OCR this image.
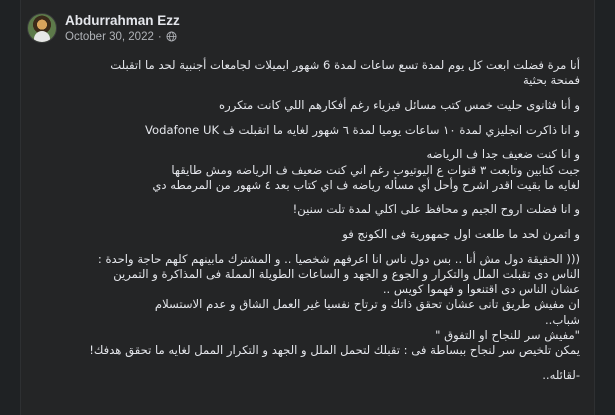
Abdurrahman Ezz
October 30, 2022 ·
أنا مرة فضلت ابعت كل يوم لمدة تسع ساعات لمدة 6 شهور ايميلات لجامعات أجنبية لحد ما اتقبلت
فمنحة بحثية
و أنا فثانوى حليت خمس كتب مسائل فيزياء رغم أفكارهم اللي كانت متكرره
و انا ذاكرت انجليزي لمدة ١٠ ساعات يوميا لمدة ٦ شهور لغايه ما اتقبلت ف Vodafone UK
و انا كنت ضعيف جدا ف الرياضه
جبت كتابين وتابعت ٣ قنوات ع اليوتيوب رغم اني كنت ضعيف ف الرياضه ومش طايقها
لغايه ما بقيت اقدر اشرح وأحل أي مسأله رياضه ف اي كتاب بعد ٤ شهور من المرمطه دي
و انا فضلت اروح الجيم و محافظ على اكلي لمدة تلت سنين!
و اتمرن لحد ما طلعت اول جمهورية فى الكونج فو
((( الحقيقة دول مش أنا .. بس دول ناس انا اعرفهم شخصيا .. و المشترك مابينهم كلهم حاجة واحدة :
الناس دى تقبلت الملل والتكرار و الجوع و الجهد و الساعات الطويلة المملة فى المذاكرة و التمرين
عشان الناس دى اقتنعوا و فهموا كويس ..
ان مفيش طريق تانى عشان تحقق ذاتك و ترتاح نفسيا غير العمل الشاق و عدم الاستسلام
شباب..
"مفيش سر للنجاح او التفوق "
يمكن تلخيص سر لنجاح ببساطة فى : تقبلك لتحمل الملل و الجهد و التكرار الممل لغايه ما تحقق هدفك!
-لقائله..
